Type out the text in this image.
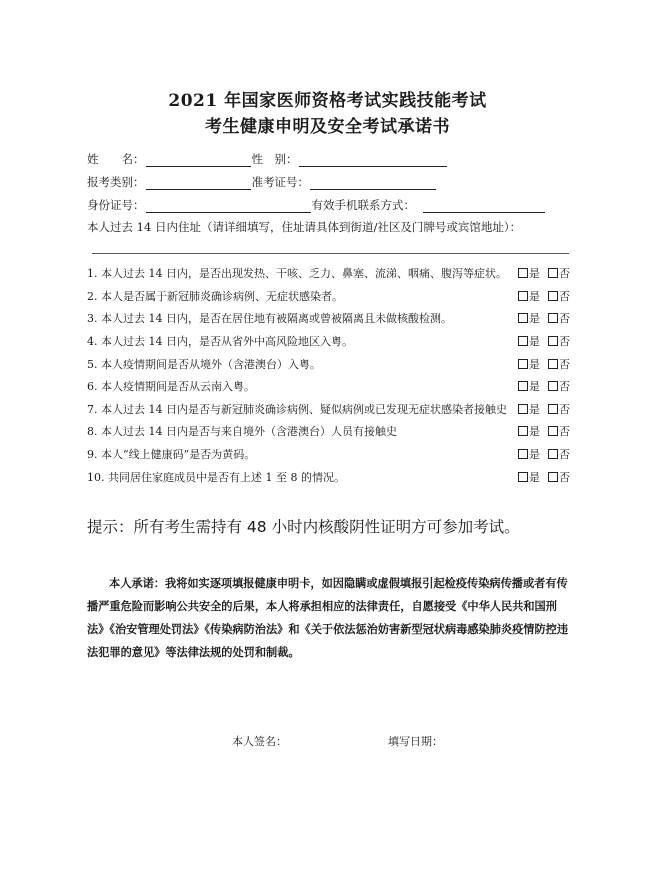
2021 年国家医师资格考试实践技能考试
考生健康申明及安全考试承诺书
姓　　名：	性　别：
报考类别：	准考证号：
身份证号：	有效手机联系方式：
本人过去 14 日内住址（请详细填写，住址请具体到街道/社区及门牌号或宾馆地址）：
1. 本人过去 14 日内，是否出现发热、干咳、乏力、鼻塞、流涕、咽痛、腹泻等症状。 是 否
2. 本人是否属于新冠肺炎确诊病例、无症状感染者。	是 否
3. 本人过去 14 日内，是否在居住地有被隔离或曾被隔离且未做核酸检测。	是 否
4. 本人过去 14 日内，是否从省外中高风险地区入粤。	是 否
5. 本人疫情期间是否从境外（含港澳台）入粤。	是 否
6. 本人疫情期间是否从云南入粤。	是 否
7. 本人过去 14 日内是否与新冠肺炎确诊病例、疑似病例或已发现无症状感染者接触史 是 否
8. 本人过去 14 日内是否与来自境外（含港澳台）人员有接触史	是 否
9. 本人“线上健康码”是否为黄码。	是 否
10. 共同居住家庭成员中是否有上述 1 至 8 的情况。	是 否
提示：所有考生需持有 48 小时内核酸阴性证明方可参加考试。
本人承诺：我将如实逐项填报健康申明卡，如因隐瞒或虚假填报引起检疫传染病传播或者有传播严重危险而影响公共安全的后果，本人将承担相应的法律责任，自愿接受《中华人民共和国刑法》《治安管理处罚法》《传染病防治法》和《关于依法惩治妨害新型冠状病毒感染肺炎疫情防控违法犯罪的意见》等法律法规的处罚和制裁。
本人签名：	填写日期：
